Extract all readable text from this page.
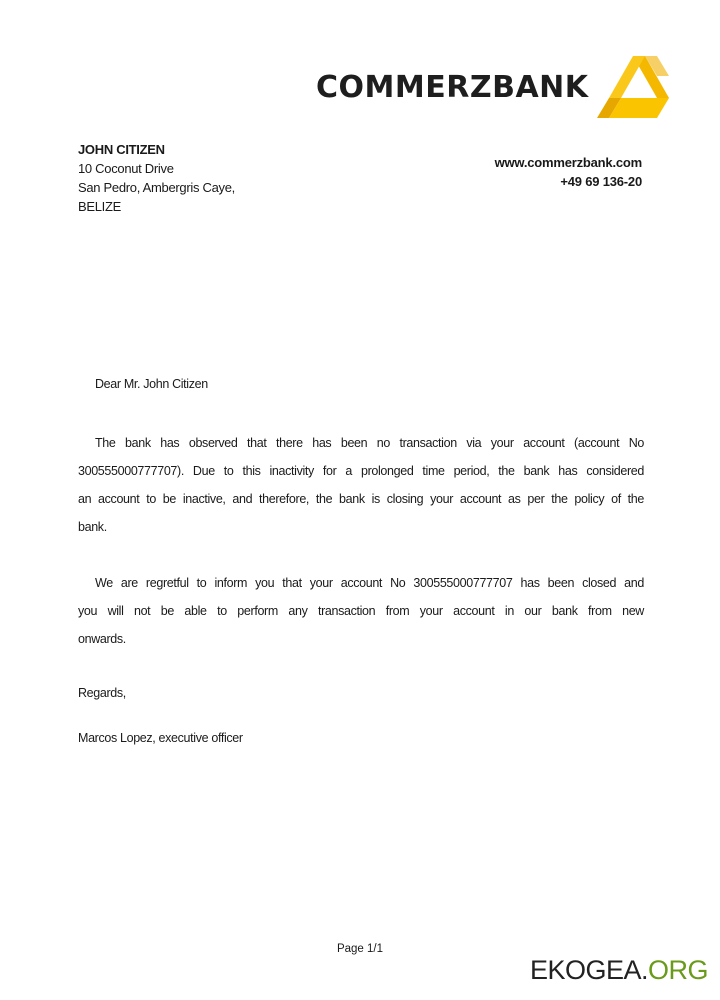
COMMERZBANK
JOHN CITIZEN
10 Coconut Drive
San Pedro, Ambergris Caye,
BELIZE
www.commerzbank.com
+49 69 136-20
Dear Mr. John Citizen
The bank has observed that there has been no transaction via your account (account No
300555000777707). Due to this inactivity for a prolonged time period, the bank has considered
an account to be inactive, and therefore, the bank is closing your account as per the policy of the
bank.
We are regretful to inform you that your account No 300555000777707 has been closed and
you will not be able to perform any transaction from your account in our bank from new
onwards.
Regards,
Marcos Lopez, executive officer
Page 1/1
EKOGEA.ORG
